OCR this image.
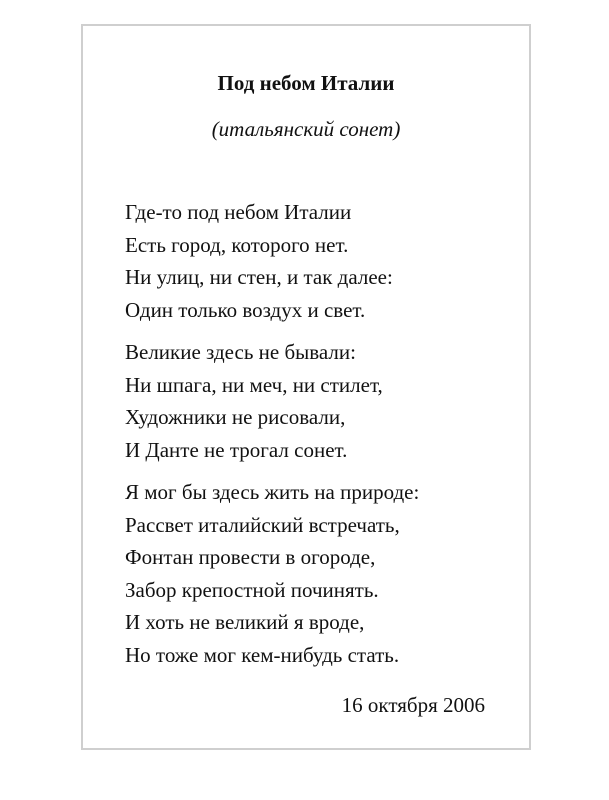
Под небом Италии
(итальянский сонет)

Где-то под небом Италии
Есть город, которого нет.
Ни улиц, ни стен, и так далее:
Один только воздух и свет.

Великие здесь не бывали:
Ни шпага, ни меч, ни стилет,
Художники не рисовали,
И Данте не трогал сонет.

Я мог бы здесь жить на природе:
Рассвет италийский встречать,
Фонтан провести в огороде,
Забор крепостной починять.
И хоть не великий я вроде,
Но тоже мог кем-нибудь стать.

16 октября 2006
